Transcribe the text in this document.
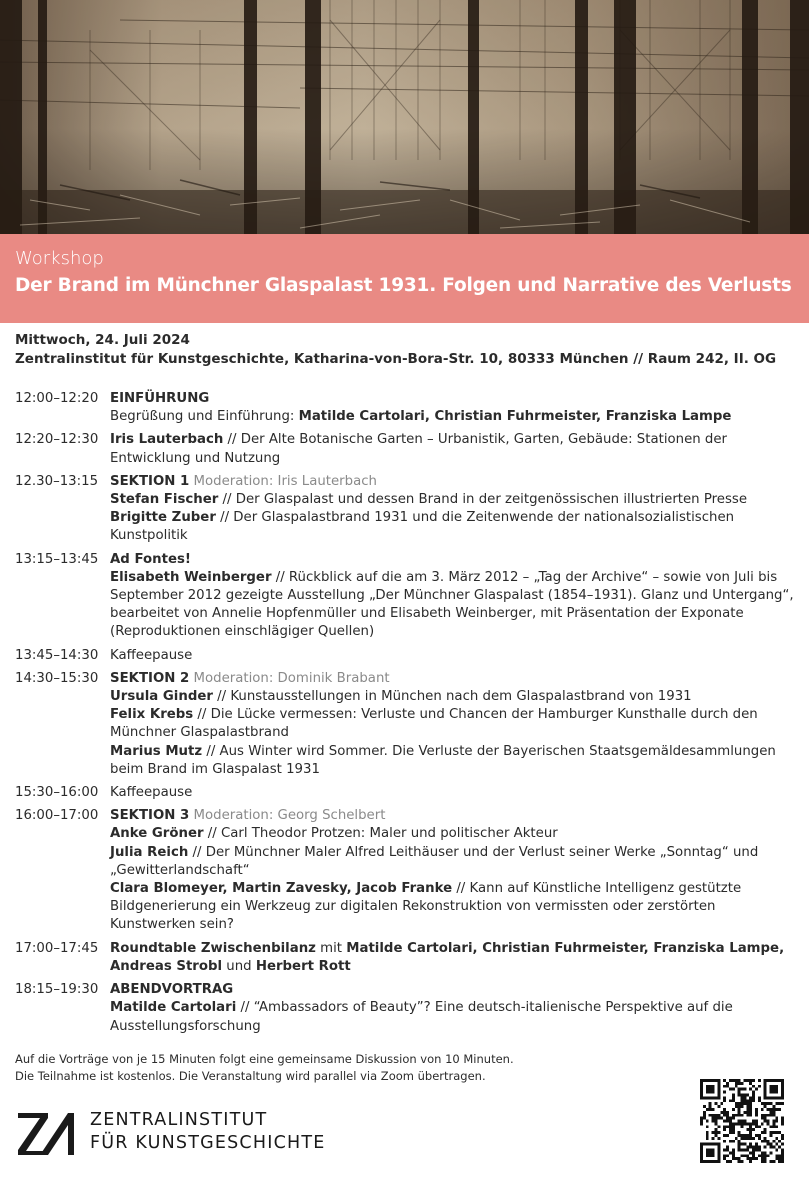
Workshop
Der Brand im Münchner Glaspalast 1931. Folgen und Narrative des Verlusts
Mittwoch, 24. Juli 2024
Zentralinstitut für Kunstgeschichte, Katharina-von-Bora-Str. 10, 80333 München // Raum 242, II. OG
12:00–12:20 EINFÜHRUNG
Begrüßung und Einführung: Matilde Cartolari, Christian Fuhrmeister, Franziska Lampe
12:20–12:30 Iris Lauterbach // Der Alte Botanische Garten – Urbanistik, Garten, Gebäude: Stationen der Entwicklung und Nutzung
12.30–13:15 SEKTION 1 Moderation: Iris Lauterbach
Stefan Fischer // Der Glaspalast und dessen Brand in der zeitgenössischen illustrierten Presse
Brigitte Zuber // Der Glaspalastbrand 1931 und die Zeitenwende der nationalsozialistischen Kunstpolitik
13:15–13:45 Ad Fontes!
Elisabeth Weinberger // Rückblick auf die am 3. März 2012 – „Tag der Archive“ – sowie von Juli bis September 2012 gezeigte Ausstellung „Der Münchner Glaspalast (1854–1931). Glanz und Untergang“, bearbeitet von Annelie Hopfenmüller und Elisabeth Weinberger, mit Präsentation der Exponate (Reproduktionen einschlägiger Quellen)
13:45–14:30 Kaffeepause
14:30–15:30 SEKTION 2 Moderation: Dominik Brabant
Ursula Ginder // Kunstausstellungen in München nach dem Glaspalastbrand von 1931
Felix Krebs // Die Lücke vermessen: Verluste und Chancen der Hamburger Kunsthalle durch den Münchner Glaspalastbrand
Marius Mutz // Aus Winter wird Sommer. Die Verluste der Bayerischen Staatsgemäldesammlungen beim Brand im Glaspalast 1931
15:30–16:00 Kaffeepause
16:00–17:00 SEKTION 3 Moderation: Georg Schelbert
Anke Gröner // Carl Theodor Protzen: Maler und politischer Akteur
Julia Reich // Der Münchner Maler Alfred Leithäuser und der Verlust seiner Werke „Sonntag“ und „Gewitterlandschaft“
Clara Blomeyer, Martin Zavesky, Jacob Franke // Kann auf Künstliche Intelligenz gestützte Bildgenerierung ein Werkzeug zur digitalen Rekonstruktion von vermissten oder zerstörten Kunstwerken sein?
17:00–17:45 Roundtable Zwischenbilanz mit Matilde Cartolari, Christian Fuhrmeister, Franziska Lampe, Andreas Strobl und Herbert Rott
18:15–19:30 ABENDVORTRAG
Matilde Cartolari // “Ambassadors of Beauty”? Eine deutsch-italienische Perspektive auf die Ausstellungsforschung
Auf die Vorträge von je 15 Minuten folgt eine gemeinsame Diskussion von 10 Minuten.
Die Teilnahme ist kostenlos. Die Veranstaltung wird parallel via Zoom übertragen.
ZENTRALINSTITUT
FÜR KUNSTGESCHICHTE
